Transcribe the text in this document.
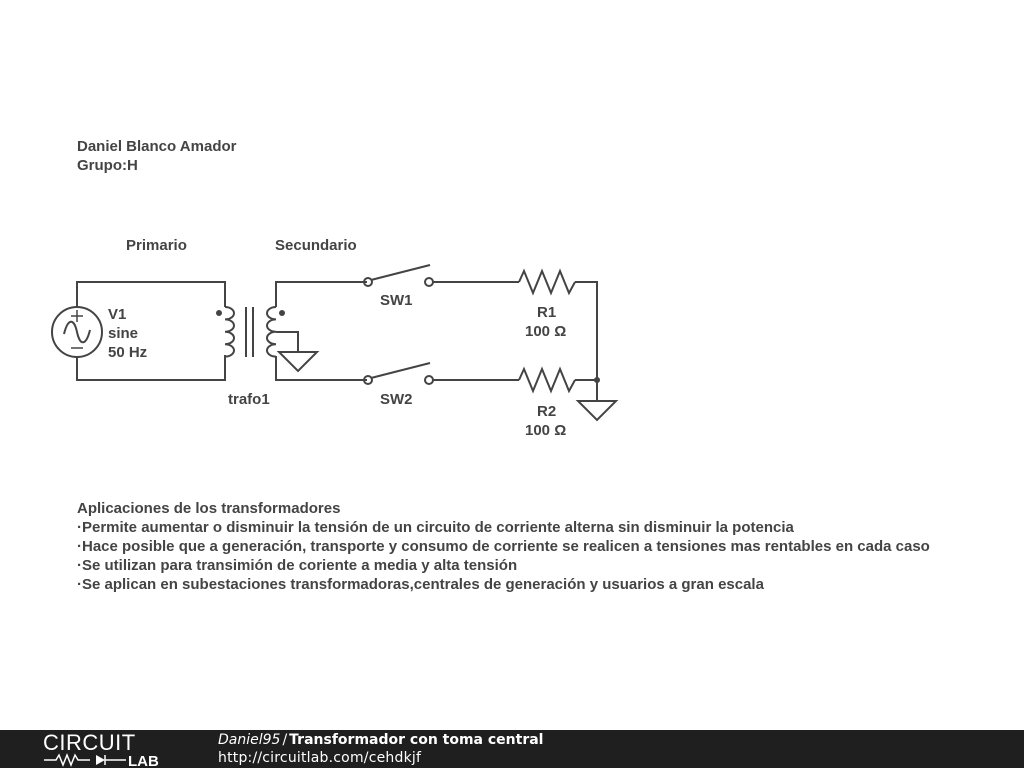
Daniel Blanco Amador
Grupo:H
Primario	Secundario
V1
sine
50 Hz
trafo1
SW1
SW2
R1
100 Ω
R2
100 Ω
Aplicaciones de los transformadores
·Permite aumentar o disminuir la tensión de un circuito de corriente alterna sin disminuir la potencia
·Hace posible que a generación, transporte y consumo de corriente se realicen a tensiones mas rentables en cada caso
·Se utilizan para transimión de coriente a media y alta tensión
·Se aplican en subestaciones transformadoras,centrales de generación y usuarios a gran escala
CIRCUIT
LAB
Daniel95 / Transformador con toma central
http://circuitlab.com/cehdkjf
